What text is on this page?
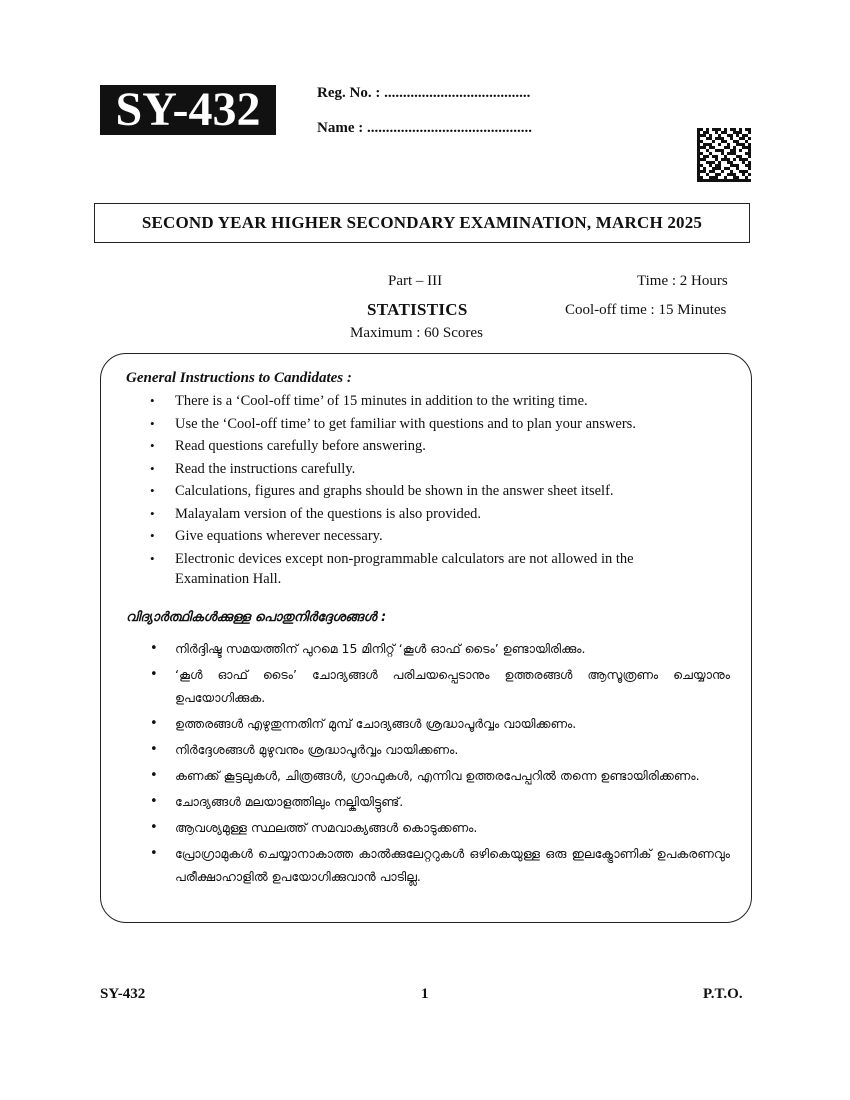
SY-432	Reg. No. : .......................................
Name : ............................................
SECOND YEAR HIGHER SECONDARY EXAMINATION, MARCH 2025
Part – III	Time : 2 Hours
STATISTICS	Cool-off time : 15 Minutes
Maximum : 60 Scores
General Instructions to Candidates :
• There is a ‘Cool-off time’ of 15 minutes in addition to the writing time.
• Use the ‘Cool-off time’ to get familiar with questions and to plan your answers.
• Read questions carefully before answering.
• Read the instructions carefully.
• Calculations, figures and graphs should be shown in the answer sheet itself.
• Malayalam version of the questions is also provided.
• Give equations wherever necessary.
• Electronic devices except non-programmable calculators are not allowed in the Examination Hall.
വിദ്യാർത്ഥികൾക്കുള്ള പൊതുനിർദ്ദേശങ്ങൾ :
• നിർദ്ദിഷ്ട സമയത്തിന് പുറമെ 15 മിനിറ്റ് ‘കൂൾ ഓഫ് ടൈം’ ഉണ്ടായിരിക്കും.
• ‘കൂൾ ഓഫ് ടൈം’ ചോദ്യങ്ങൾ പരിചയപ്പെടാനും ഉത്തരങ്ങൾ ആസൂത്രണം ചെയ്യാനും ഉപയോഗിക്കുക.
• ഉത്തരങ്ങൾ എഴുതുന്നതിന് മുമ്പ് ചോദ്യങ്ങൾ ശ്രദ്ധാപൂർവ്വം വായിക്കണം.
• നിർദ്ദേശങ്ങൾ മുഴുവനും ശ്രദ്ധാപൂർവ്വം വായിക്കണം.
• കണക്ക് കൂട്ടലുകൾ, ചിത്രങ്ങൾ, ഗ്രാഫുകൾ, എന്നിവ ഉത്തരപേപ്പറിൽ തന്നെ ഉണ്ടായിരിക്കണം.
• ചോദ്യങ്ങൾ മലയാളത്തിലും നല്കിയിട്ടുണ്ട്.
• ആവശ്യമുള്ള സ്ഥലത്ത് സമവാക്യങ്ങൾ കൊടുക്കണം.
• പ്രോഗ്രാമുകൾ ചെയ്യാനാകാത്ത കാൽക്കുലേറ്ററുകൾ ഒഴികെയുള്ള ഒരു ഇലക്ട്രോണിക് ഉപകരണവും പരീക്ഷാഹാളിൽ ഉപയോഗിക്കുവാൻ പാടില്ല.
SY-432	1	P.T.O.
